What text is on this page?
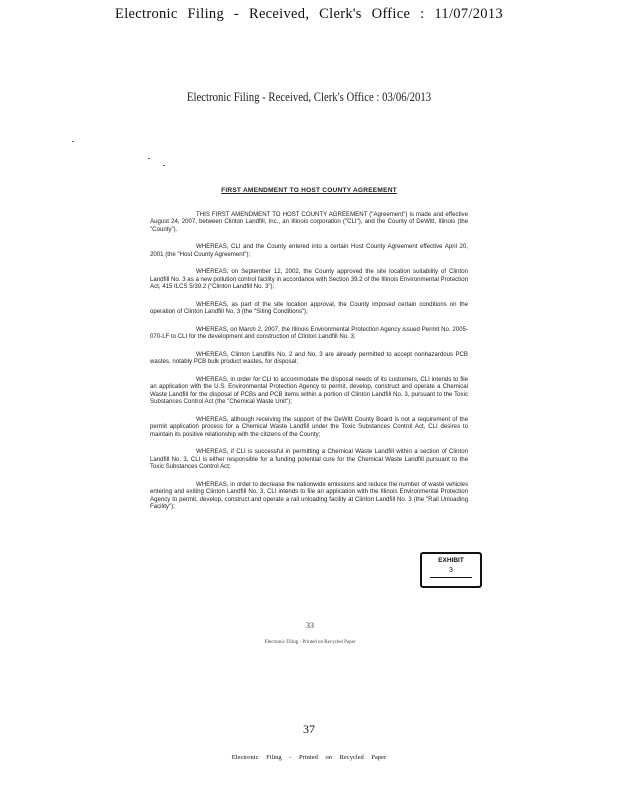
Electronic Filing - Received, Clerk's Office : 11/07/2013
Electronic Filing - Received, Clerk's Office : 03/06/2013
FIRST AMENDMENT TO HOST COUNTY AGREEMENT

THIS FIRST AMENDMENT TO HOST COUNTY AGREEMENT ("Agreement") is made and effective August 24, 2007, between Clinton Landfill, Inc., an Illinois corporation ("CLI"), and the County of DeWitt, Illinois (the "County").

WHEREAS, CLI and the County entered into a certain Host County Agreement effective April 20, 2001 (the "Host County Agreement");

WHEREAS, on September 12, 2002, the County approved the site location suitability of Clinton Landfill No. 3 as a new pollution control facility in accordance with Section 39.2 of the Illinois Environmental Protection Act, 415 ILCS 5/39.2 ("Clinton Landfill No. 3");

WHEREAS, as part of the site location approval, the County imposed certain conditions on the operation of Clinton Landfill No. 3 (the "Siting Conditions");

WHEREAS, on March 2, 2007, the Illinois Environmental Protection Agency issued Permit No. 2005-070-LF to CLI for the development and construction of Clinton Landfill No. 3;

WHEREAS, Clinton Landfills No. 2 and No. 3 are already permitted to accept nonhazardous PCB wastes, notably PCB bulk product wastes, for disposal;

WHEREAS, in order for CLI to accommodate the disposal needs of its customers, CLI intends to file an application with the U.S. Environmental Protection Agency to permit, develop, construct and operate a Chemical Waste Landfill for the disposal of PCBs and PCB items within a portion of Clinton Landfill No. 3, pursuant to the Toxic Substances Control Act (the "Chemical Waste Unit");

WHEREAS, although receiving the support of the DeWitt County Board is not a requirement of the permit application process for a Chemical Waste Landfill under the Toxic Substances Control Act, CLI desires to maintain its positive relationship with the citizens of the County;

WHEREAS, if CLI is successful in permitting a Chemical Waste Landfill within a section of Clinton Landfill No. 3, CLI is either responsible for a funding potential cure for the Chemical Waste Landfill pursuant to the Toxic Substances Control Act;

WHEREAS, in order to decrease the nationwide emissions and reduce the number of waste vehicles entering and exiting Clinton Landfill No. 3, CLI intends to file an application with the Illinois Environmental Protection Agency to permit, develop, construct and operate a rail unloading facility at Clinton Landfill No. 3 (the "Rail Unloading Facility");

EXHIBIT
3
33
Electronic Filing - Printed on Recycled Paper
37
Electronic Filing - Printed on Recycled Paper
